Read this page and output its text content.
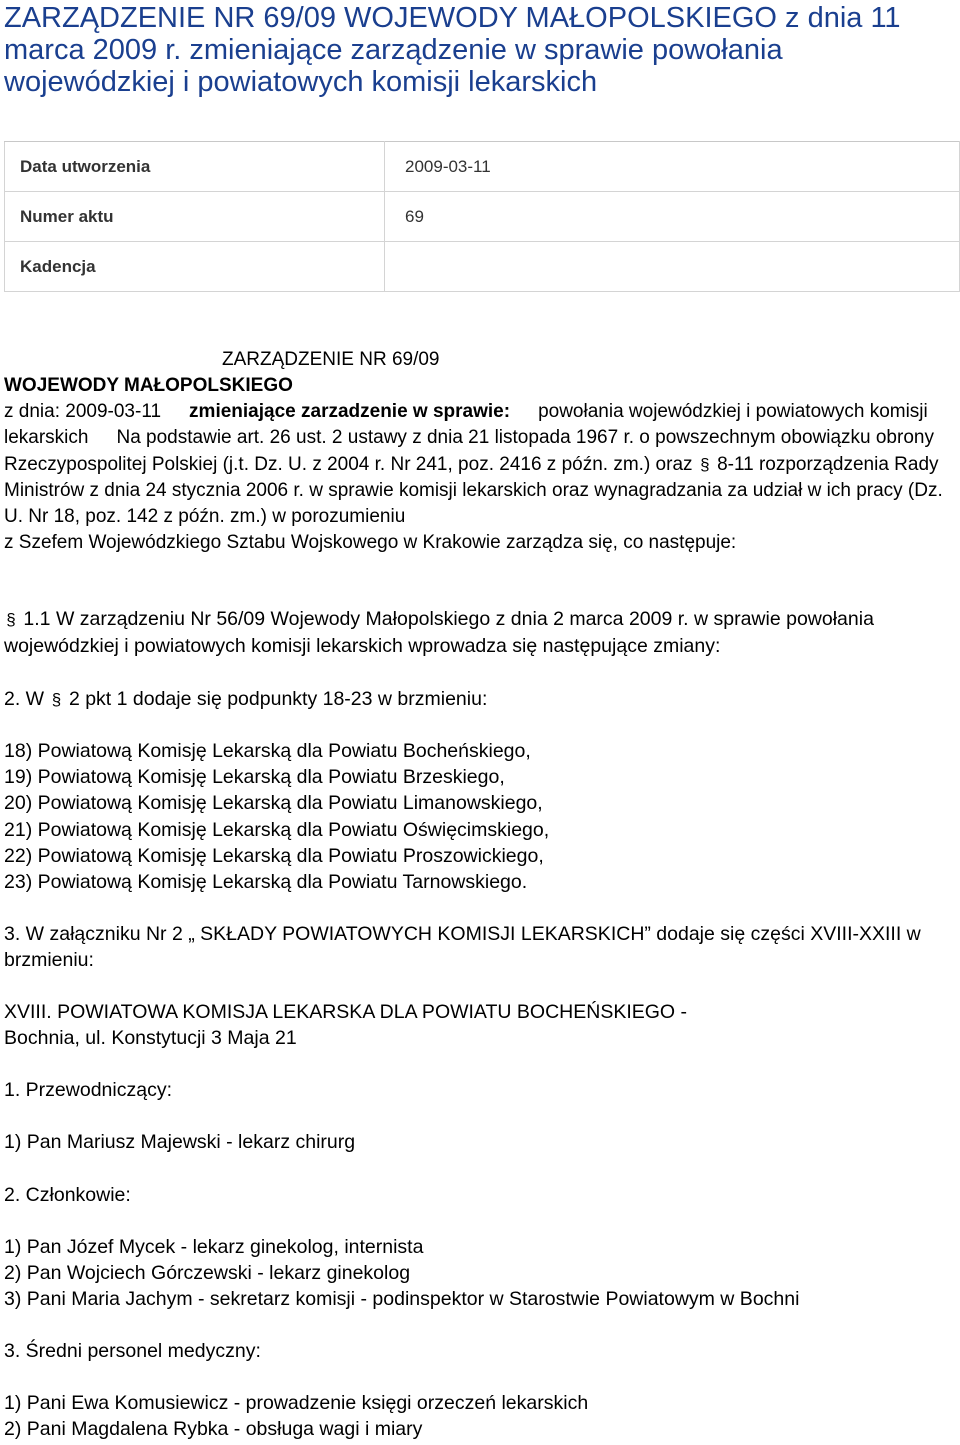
ZARZĄDZENIE NR 69/09 WOJEWODY MAŁOPOLSKIEGO z dnia 11 marca 2009 r. zmieniające zarządzenie w sprawie powołania wojewódzkiej i powiatowych komisji lekarskich
Data utworzenia	2009-03-11
Numer aktu	69
Kadencja	
ZARZĄDZENIE NR 69/09
WOJEWODY MAŁOPOLSKIEGO
z dnia: 2009-03-11 zmieniające zarzadzenie w sprawie: powołania wojewódzkiej i powiatowych komisji lekarskich Na podstawie art. 26 ust. 2 ustawy z dnia 21 listopada 1967 r. o powszechnym obowiązku obrony Rzeczypospolitej Polskiej (j.t. Dz. U. z 2004 r. Nr 241, poz. 2416 z późn. zm.) oraz § 8-11 rozporządzenia Rady Ministrów z dnia 24 stycznia 2006 r. w sprawie komisji lekarskich oraz wynagradzania za udział w ich pracy (Dz. U. Nr 18, poz. 142 z późn. zm.) w porozumieniu
z Szefem Wojewódzkiego Sztabu Wojskowego w Krakowie zarządza się, co następuje:

§ 1.1 W zarządzeniu Nr 56/09 Wojewody Małopolskiego z dnia 2 marca 2009 r. w sprawie powołania wojewódzkiej i powiatowych komisji lekarskich wprowadza się następujące zmiany:

2. W § 2 pkt 1 dodaje się podpunkty 18-23 w brzmieniu:

18) Powiatową Komisję Lekarską dla Powiatu Bocheńskiego,

19) Powiatową Komisję Lekarską dla Powiatu Brzeskiego,

20) Powiatową Komisję Lekarską dla Powiatu Limanowskiego,

21) Powiatową Komisję Lekarską dla Powiatu Oświęcimskiego,

22) Powiatową Komisję Lekarską dla Powiatu Proszowickiego,

23) Powiatową Komisję Lekarską dla Powiatu Tarnowskiego.

3. W załączniku Nr 2 „ SKŁADY POWIATOWYCH KOMISJI LEKARSKICH” dodaje się części XVIII-XXIII w brzmieniu:

XVIII. POWIATOWA KOMISJA LEKARSKA DLA POWIATU BOCHEŃSKIEGO -

Bochnia, ul. Konstytucji 3 Maja 21

1. Przewodniczący:
1) Pan Mariusz Majewski - lekarz chirurg
2. Członkowie:

1) Pan Józef Mycek - lekarz ginekolog, internista

2) Pan Wojciech Górczewski - lekarz ginekolog

3) Pani Maria Jachym - sekretarz komisji - podinspektor w Starostwie Powiatowym w Bochni

3. Średni personel medyczny:

1) Pani Ewa Komusiewicz - prowadzenie księgi orzeczeń lekarskich

2) Pani Magdalena Rybka - obsługa wagi i miary
